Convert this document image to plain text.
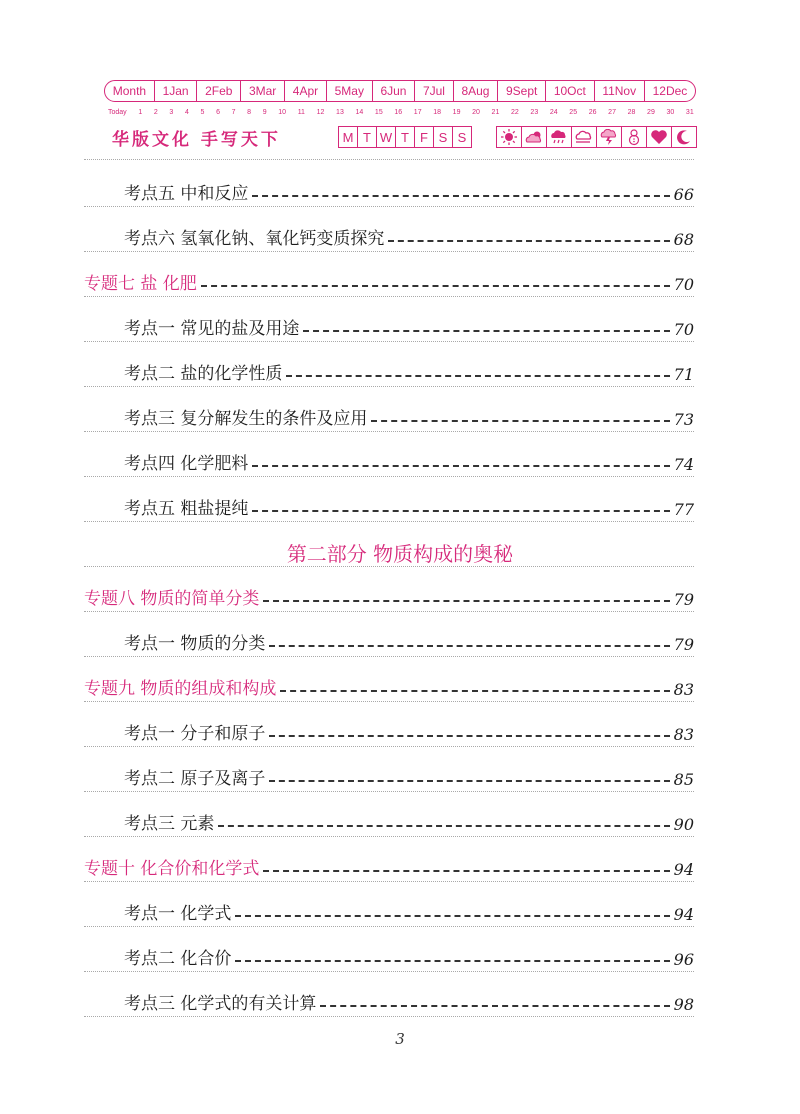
Month	1Jan	2Feb	3Mar	4Apr	5May	6Jun	7Jul	8Aug	9Sept	10Oct	11Nov	12Dec
Today 1 2 3 4 5 6 7 8 9 10 11 12 13 14 15 16 17 18 19 20 21 22 23 24 25 26 27 28 29 30 31
华版文化 手写天下	M T W T F S S
考点五 中和反应	66
考点六 氢氧化钠、氧化钙变质探究	68
专题七 盐 化肥	70
考点一 常见的盐及用途	70
考点二 盐的化学性质	71
考点三 复分解发生的条件及应用	73
考点四 化学肥料	74
考点五 粗盐提纯	77
第二部分 物质构成的奥秘
专题八 物质的简单分类	79
考点一 物质的分类	79
专题九 物质的组成和构成	83
考点一 分子和原子	83
考点二 原子及离子	85
考点三 元素	90
专题十 化合价和化学式	94
考点一 化学式	94
考点二 化合价	96
考点三 化学式的有关计算	98
3
